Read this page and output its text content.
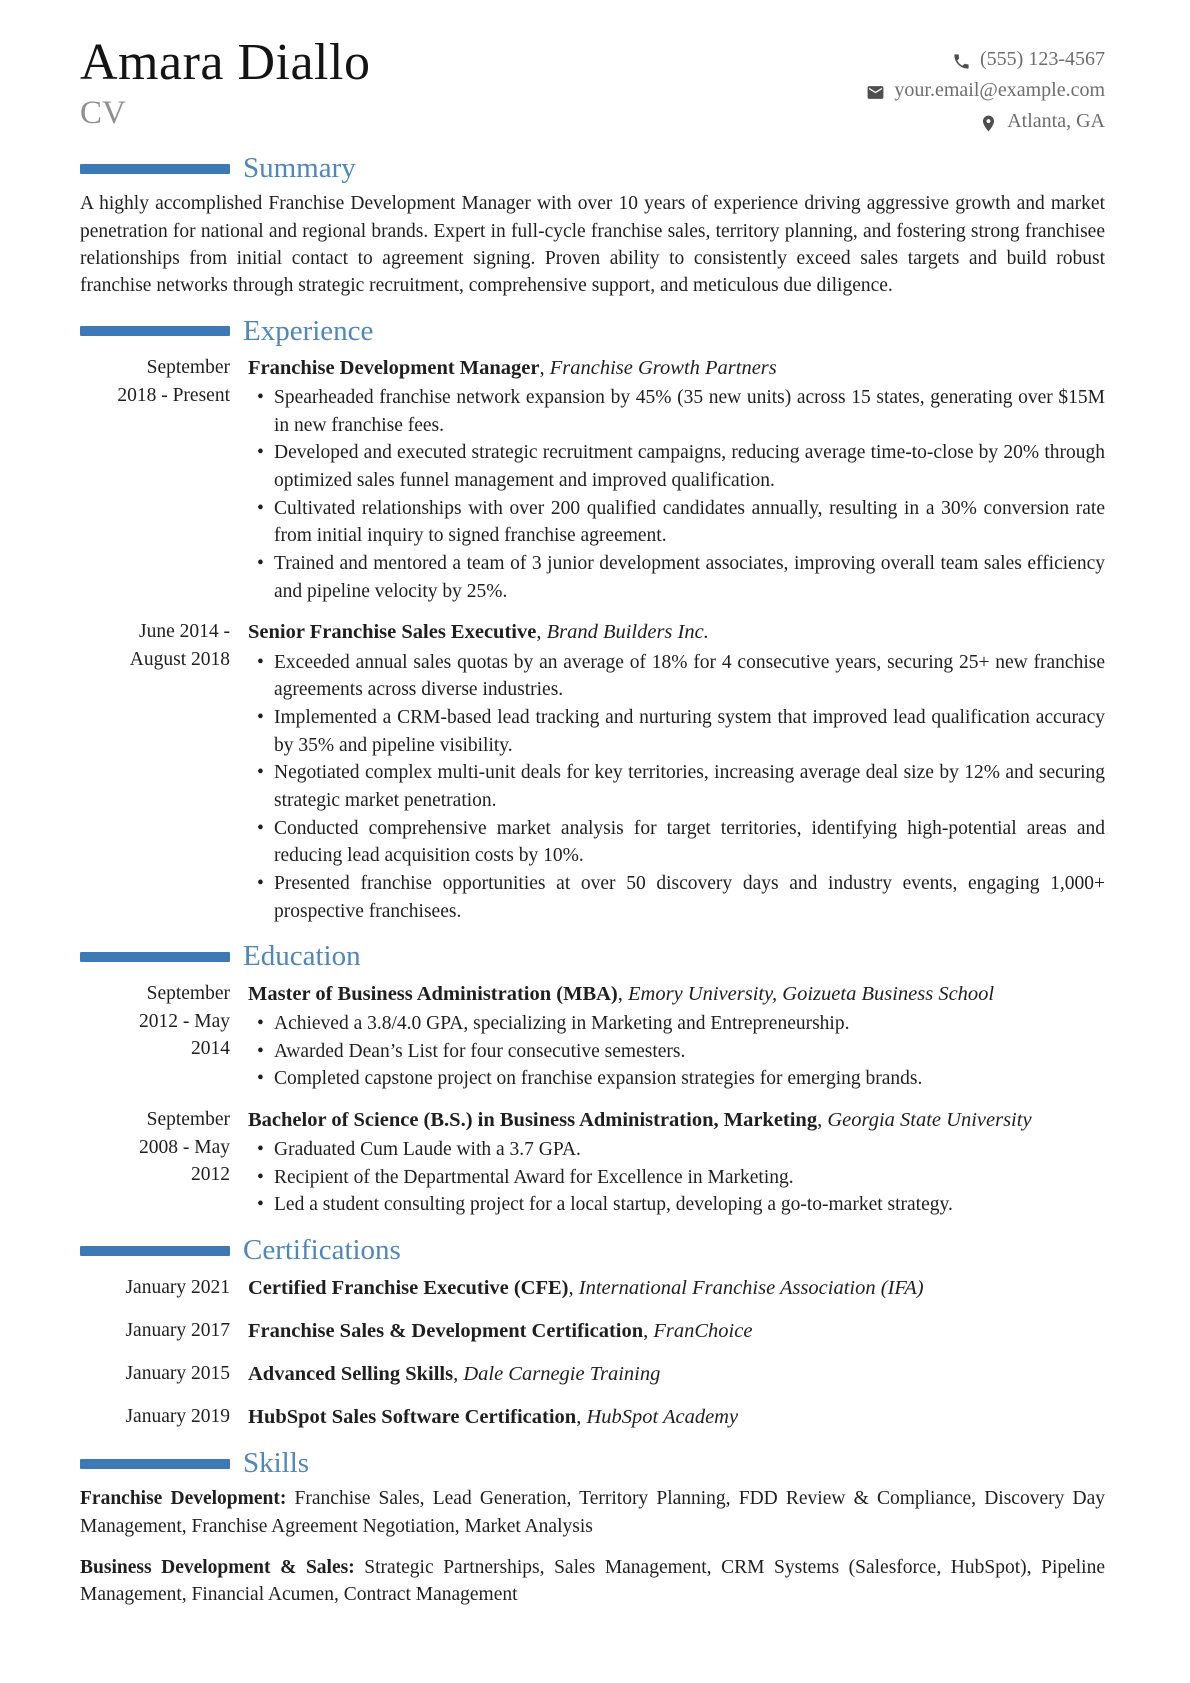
Amara Diallo
CV
(555) 123-4567
your.email@example.com
Atlanta, GA
Summary

A highly accomplished Franchise Development Manager with over 10 years of experience driving aggressive growth and market penetration for national and regional brands. Expert in full-cycle franchise sales, territory planning, and fostering strong franchisee relationships from initial contact to agreement signing. Proven ability to consistently exceed sales targets and build robust franchise networks through strategic recruitment, comprehensive support, and meticulous due diligence.

Experience
September
2018 - Present
Franchise Development Manager, Franchise Growth Partners
• Spearheaded franchise network expansion by 45% (35 new units) across 15 states, generating over $15M in new franchise fees.
• Developed and executed strategic recruitment campaigns, reducing average time-to-close by 20% through optimized sales funnel management and improved qualification.
• Cultivated relationships with over 200 qualified candidates annually, resulting in a 30% conversion rate from initial inquiry to signed franchise agreement.
• Trained and mentored a team of 3 junior development associates, improving overall team sales efficiency and pipeline velocity by 25%.
June 2014 -
August 2018
Senior Franchise Sales Executive, Brand Builders Inc.
• Exceeded annual sales quotas by an average of 18% for 4 consecutive years, securing 25+ new franchise agreements across diverse industries.
• Implemented a CRM-based lead tracking and nurturing system that improved lead qualification accuracy by 35% and pipeline visibility.
• Negotiated complex multi-unit deals for key territories, increasing average deal size by 12% and securing strategic market penetration.
• Conducted comprehensive market analysis for target territories, identifying high-potential areas and reducing lead acquisition costs by 10%.
• Presented franchise opportunities at over 50 discovery days and industry events, engaging 1,000+ prospective franchisees.
Education
September
2012 - May
2014
Master of Business Administration (MBA), Emory University, Goizueta Business School
• Achieved a 3.8/4.0 GPA, specializing in Marketing and Entrepreneurship.
• Awarded Dean’s List for four consecutive semesters.
• Completed capstone project on franchise expansion strategies for emerging brands.
September
2008 - May
2012
Bachelor of Science (B.S.) in Business Administration, Marketing, Georgia State University
• Graduated Cum Laude with a 3.7 GPA.
• Recipient of the Departmental Award for Excellence in Marketing.
• Led a student consulting project for a local startup, developing a go-to-market strategy.
Certifications
January 2021 Certified Franchise Executive (CFE), International Franchise Association (IFA)
January 2017 Franchise Sales & Development Certification, FranChoice
January 2015 Advanced Selling Skills, Dale Carnegie Training
January 2019 HubSpot Sales Software Certification, HubSpot Academy
Skills

Franchise Development: Franchise Sales, Lead Generation, Territory Planning, FDD Review & Compliance, Discovery Day Management, Franchise Agreement Negotiation, Market Analysis

Business Development & Sales: Strategic Partnerships, Sales Management, CRM Systems (Salesforce, HubSpot), Pipeline Management, Financial Acumen, Contract Management
